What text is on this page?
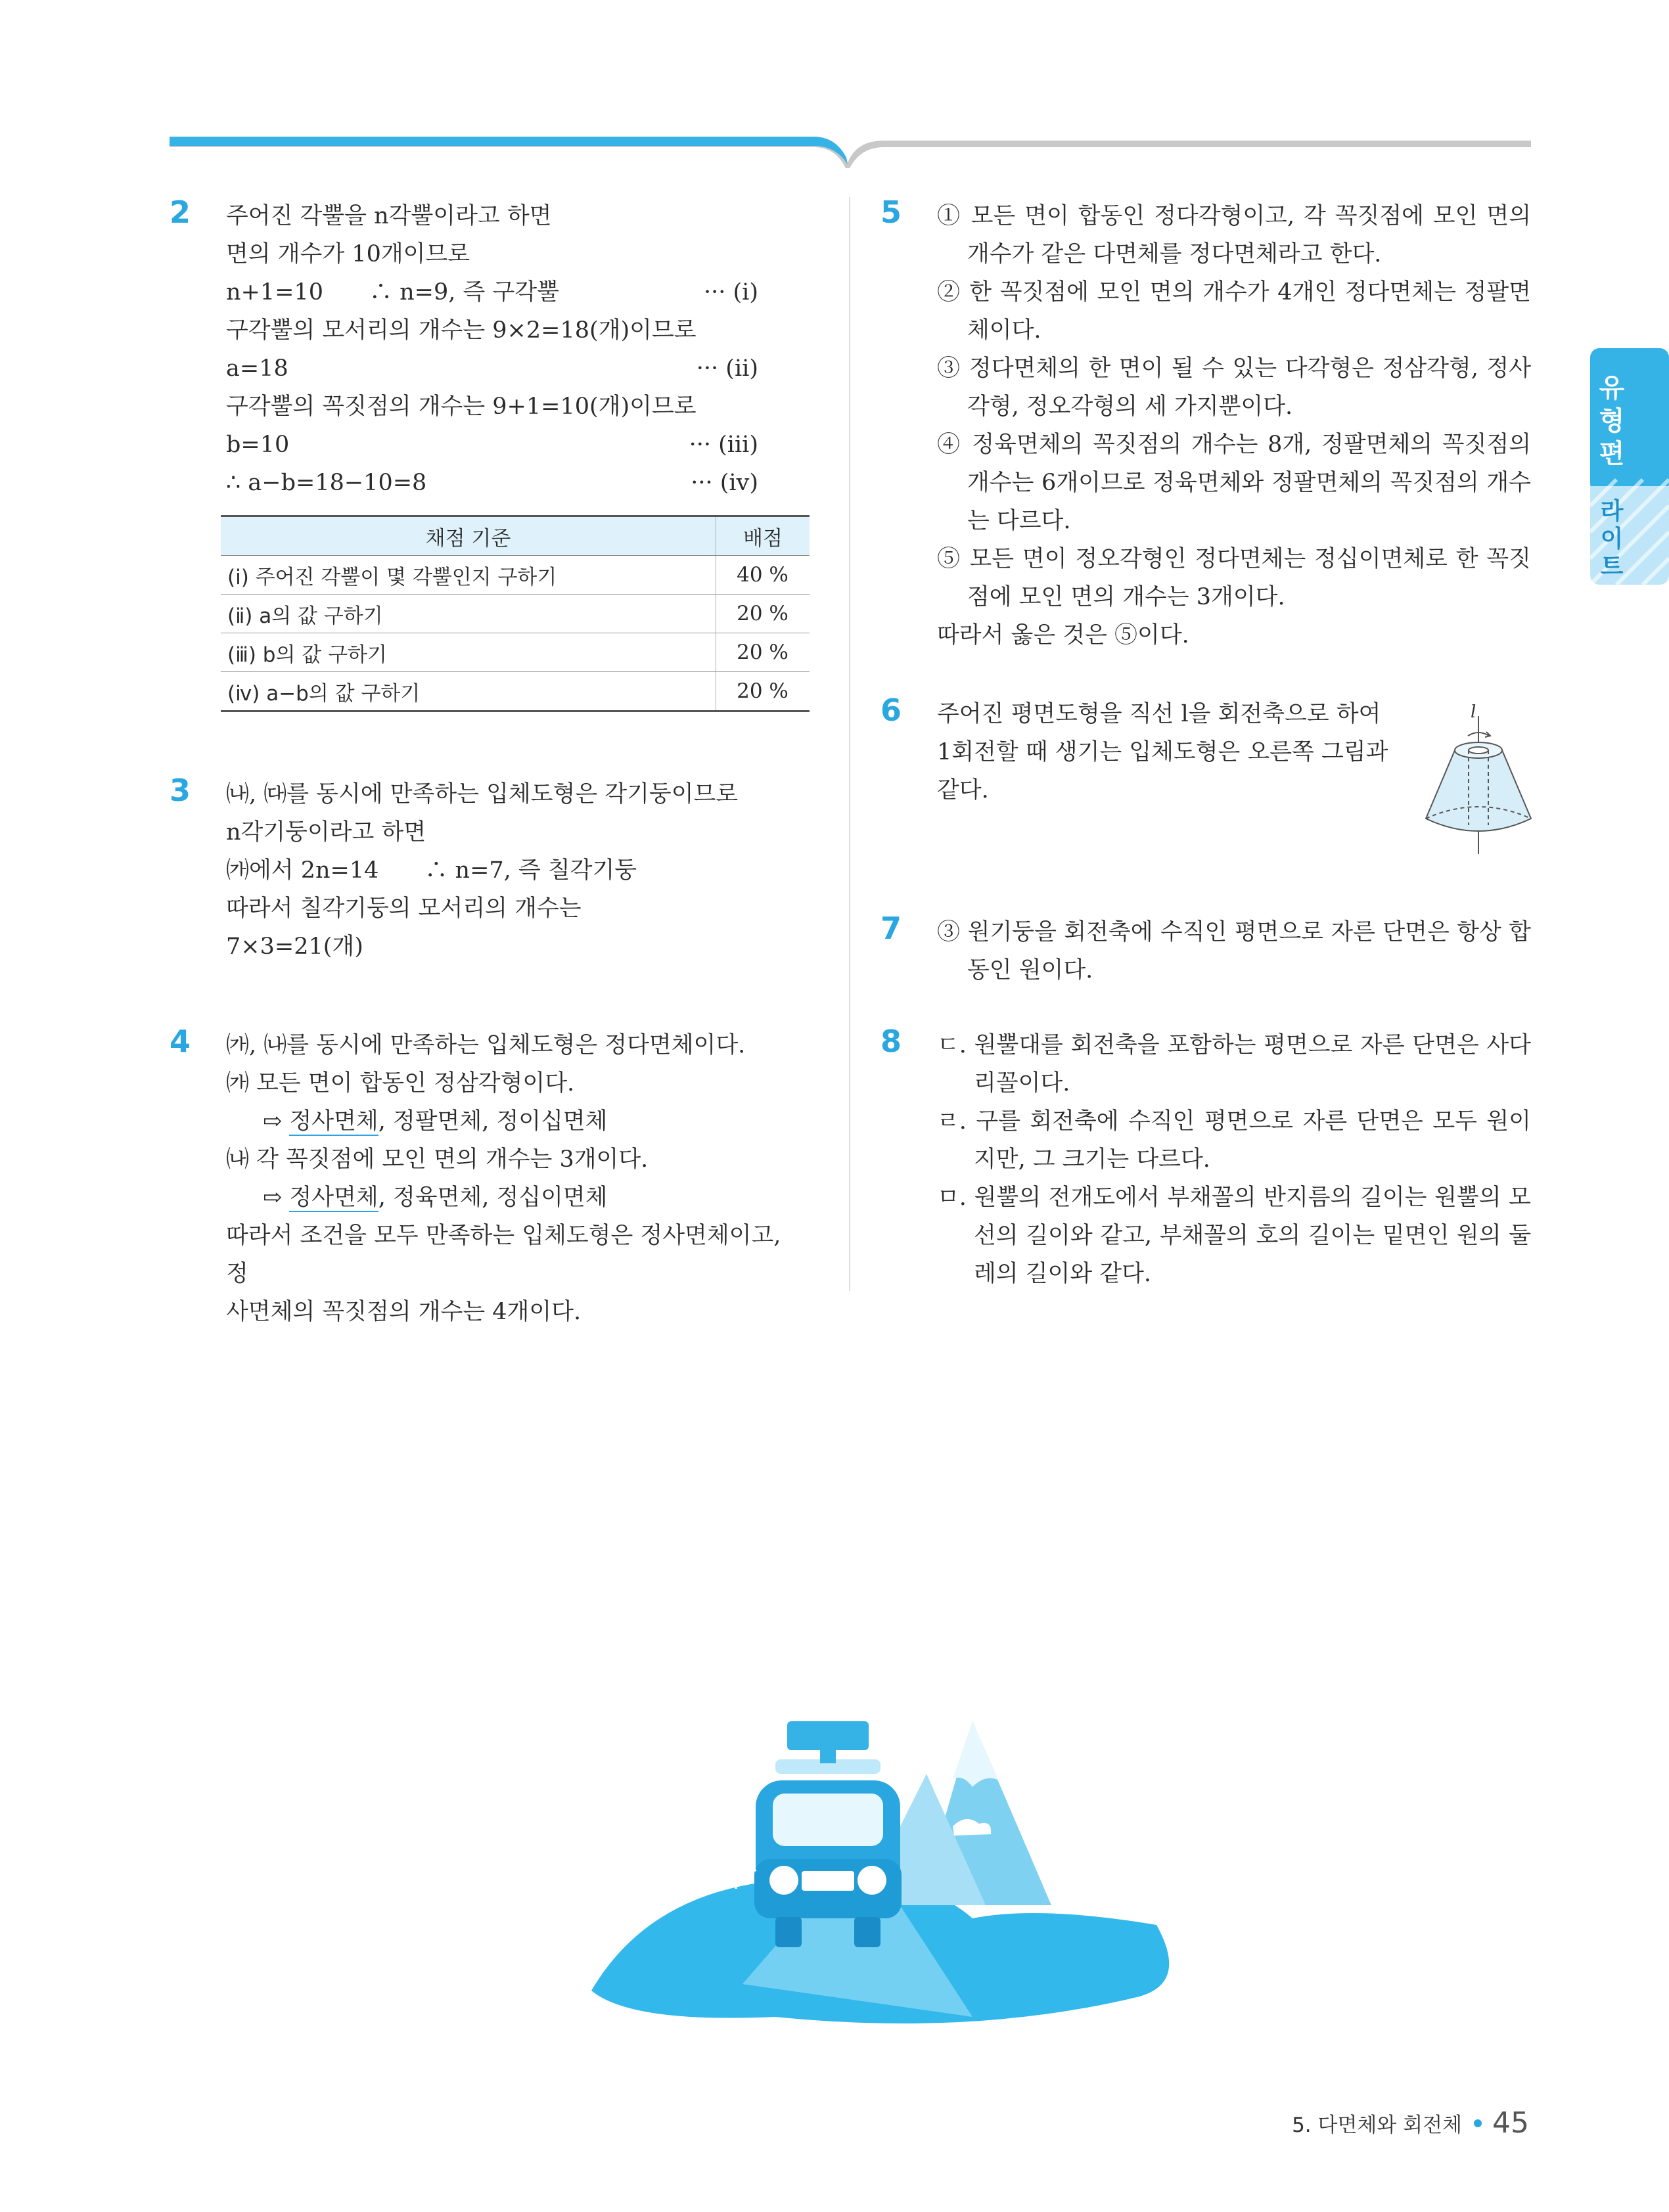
2 주어진 각뿔을 n각뿔이라고 하면
면의 개수가 10개이므로
n+1=10　　∴ n=9, 즉 구각뿔	··· (ⅰ)
구각뿔의 모서리의 개수는 9×2=18(개)이므로
a=18	··· (ⅱ)
구각뿔의 꼭짓점의 개수는 9+1=10(개)이므로
b=10	··· (ⅲ)
∴ a−b=18−10=8	··· (ⅳ)
채점 기준	배점
(ⅰ) 주어진 각뿔이 몇 각뿔인지 구하기	40 %
(ⅱ) a의 값 구하기	20 %
(ⅲ) b의 값 구하기	20 %
(ⅳ) a−b의 값 구하기	20 %
3 ㈏, ㈐를 동시에 만족하는 입체도형은 각기둥이므로
n각기둥이라고 하면
㈎에서 2n=14　　∴ n=7, 즉 칠각기둥
따라서 칠각기둥의 모서리의 개수는
7×3=21(개)
4 ㈎, ㈏를 동시에 만족하는 입체도형은 정다면체이다.
㈎ 모든 면이 합동인 정삼각형이다.
⇨ 정사면체, 정팔면체, 정이십면체
㈏ 각 꼭짓점에 모인 면의 개수는 3개이다.
⇨ 정사면체, 정육면체, 정십이면체
따라서 조건을 모두 만족하는 입체도형은 정사면체이고, 정
사면체의 꼭짓점의 개수는 4개이다.
5 ① 모든 면이 합동인 정다각형이고, 각 꼭짓점에 모인 면의 개수가 같은 다면체를 정다면체라고 한다.
② 한 꼭짓점에 모인 면의 개수가 4개인 정다면체는 정팔면체이다.
③ 정다면체의 한 면이 될 수 있는 다각형은 정삼각형, 정사각형, 정오각형의 세 가지뿐이다.
④ 정육면체의 꼭짓점의 개수는 8개, 정팔면체의 꼭짓점의 개수는 6개이므로 정육면체와 정팔면체의 꼭짓점의 개수는 다르다.
⑤ 모든 면이 정오각형인 정다면체는 정십이면체로 한 꼭짓점에 모인 면의 개수는 3개이다.
따라서 옳은 것은 ⑤이다.
6 주어진 평면도형을 직선 l을 회전축으로 하여
1회전할 때 생기는 입체도형은 오른쪽 그림과
같다.
7 ③ 원기둥을 회전축에 수직인 평면으로 자른 단면은 항상 합동인 원이다.
8 ㄷ. 원뿔대를 회전축을 포함하는 평면으로 자른 단면은 사다리꼴이다.
ㄹ. 구를 회전축에 수직인 평면으로 자른 단면은 모두 원이지만, 그 크기는 다르다.
ㅁ. 원뿔의 전개도에서 부채꼴의 반지름의 길이는 원뿔의 모선의 길이와 같고, 부채꼴의 호의 길이는 밑면인 원의 둘레의 길이와 같다.
l
유형편
라이트
5. 다면체와 회전체 45
